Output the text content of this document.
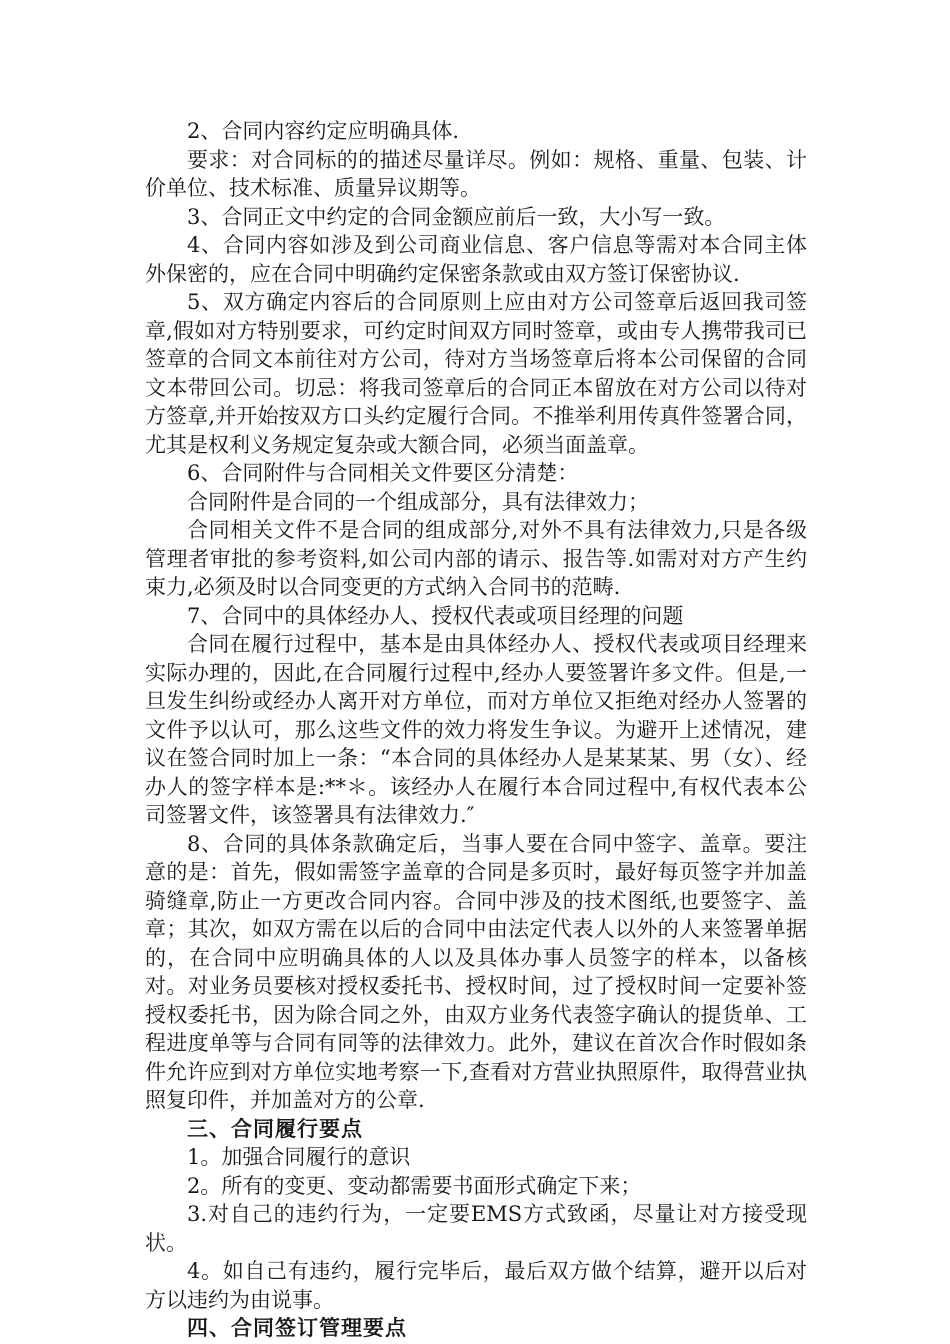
2、合同内容约定应明确具体.

要求：对合同标的的描述尽量详尽。例如：规格、重量、包装、计价单位、技术标准、质量异议期等。

3、合同正文中约定的合同金额应前后一致，大小写一致。

4、合同内容如涉及到公司商业信息、客户信息等需对本合同主体外保密的，应在合同中明确约定保密条款或由双方签订保密协议.

5、双方确定内容后的合同原则上应由对方公司签章后返回我司签章,假如对方特别要求，可约定时间双方同时签章，或由专人携带我司已签章的合同文本前往对方公司，待对方当场签章后将本公司保留的合同文本带回公司。切忌：将我司签章后的合同正本留放在对方公司以待对方签章,并开始按双方口头约定履行合同。不推举利用传真件签署合同，尤其是权利义务规定复杂或大额合同，必须当面盖章。

6、合同附件与合同相关文件要区分清楚：

合同附件是合同的一个组成部分，具有法律效力；

合同相关文件不是合同的组成部分,对外不具有法律效力,只是各级管理者审批的参考资料,如公司内部的请示、报告等.如需对对方产生约束力,必须及时以合同变更的方式纳入合同书的范畴.

7、合同中的具体经办人、授权代表或项目经理的问题

合同在履行过程中，基本是由具体经办人、授权代表或项目经理来实际办理的，因此,在合同履行过程中,经办人要签署许多文件。但是,一旦发生纠纷或经办人离开对方单位，而对方单位又拒绝对经办人签署的文件予以认可，那么这些文件的效力将发生争议。为避开上述情况，建议在签合同时加上一条：“本合同的具体经办人是某某某、男（女）、经办人的签字样本是:**＊。该经办人在履行本合同过程中,有权代表本公司签署文件，该签署具有法律效力.″

8、合同的具体条款确定后，当事人要在合同中签字、盖章。要注意的是：首先，假如需签字盖章的合同是多页时，最好每页签字并加盖骑缝章,防止一方更改合同内容。合同中涉及的技术图纸,也要签字、盖章；其次，如双方需在以后的合同中由法定代表人以外的人来签署单据的，在合同中应明确具体的人以及具体办事人员签字的样本，以备核对。对业务员要核对授权委托书、授权时间，过了授权时间一定要补签授权委托书，因为除合同之外，由双方业务代表签字确认的提货单、工程进度单等与合同有同等的法律效力。此外，建议在首次合作时假如条件允许应到对方单位实地考察一下,查看对方营业执照原件，取得营业执照复印件，并加盖对方的公章.

三、合同履行要点

1。加强合同履行的意识

2。所有的变更、变动都需要书面形式确定下来；

3.对自己的违约行为，一定要EMS方式致函，尽量让对方接受现状。

4。如自己有违约，履行完毕后，最后双方做个结算，避开以后对方以违约为由说事。

四、合同签订管理要点
